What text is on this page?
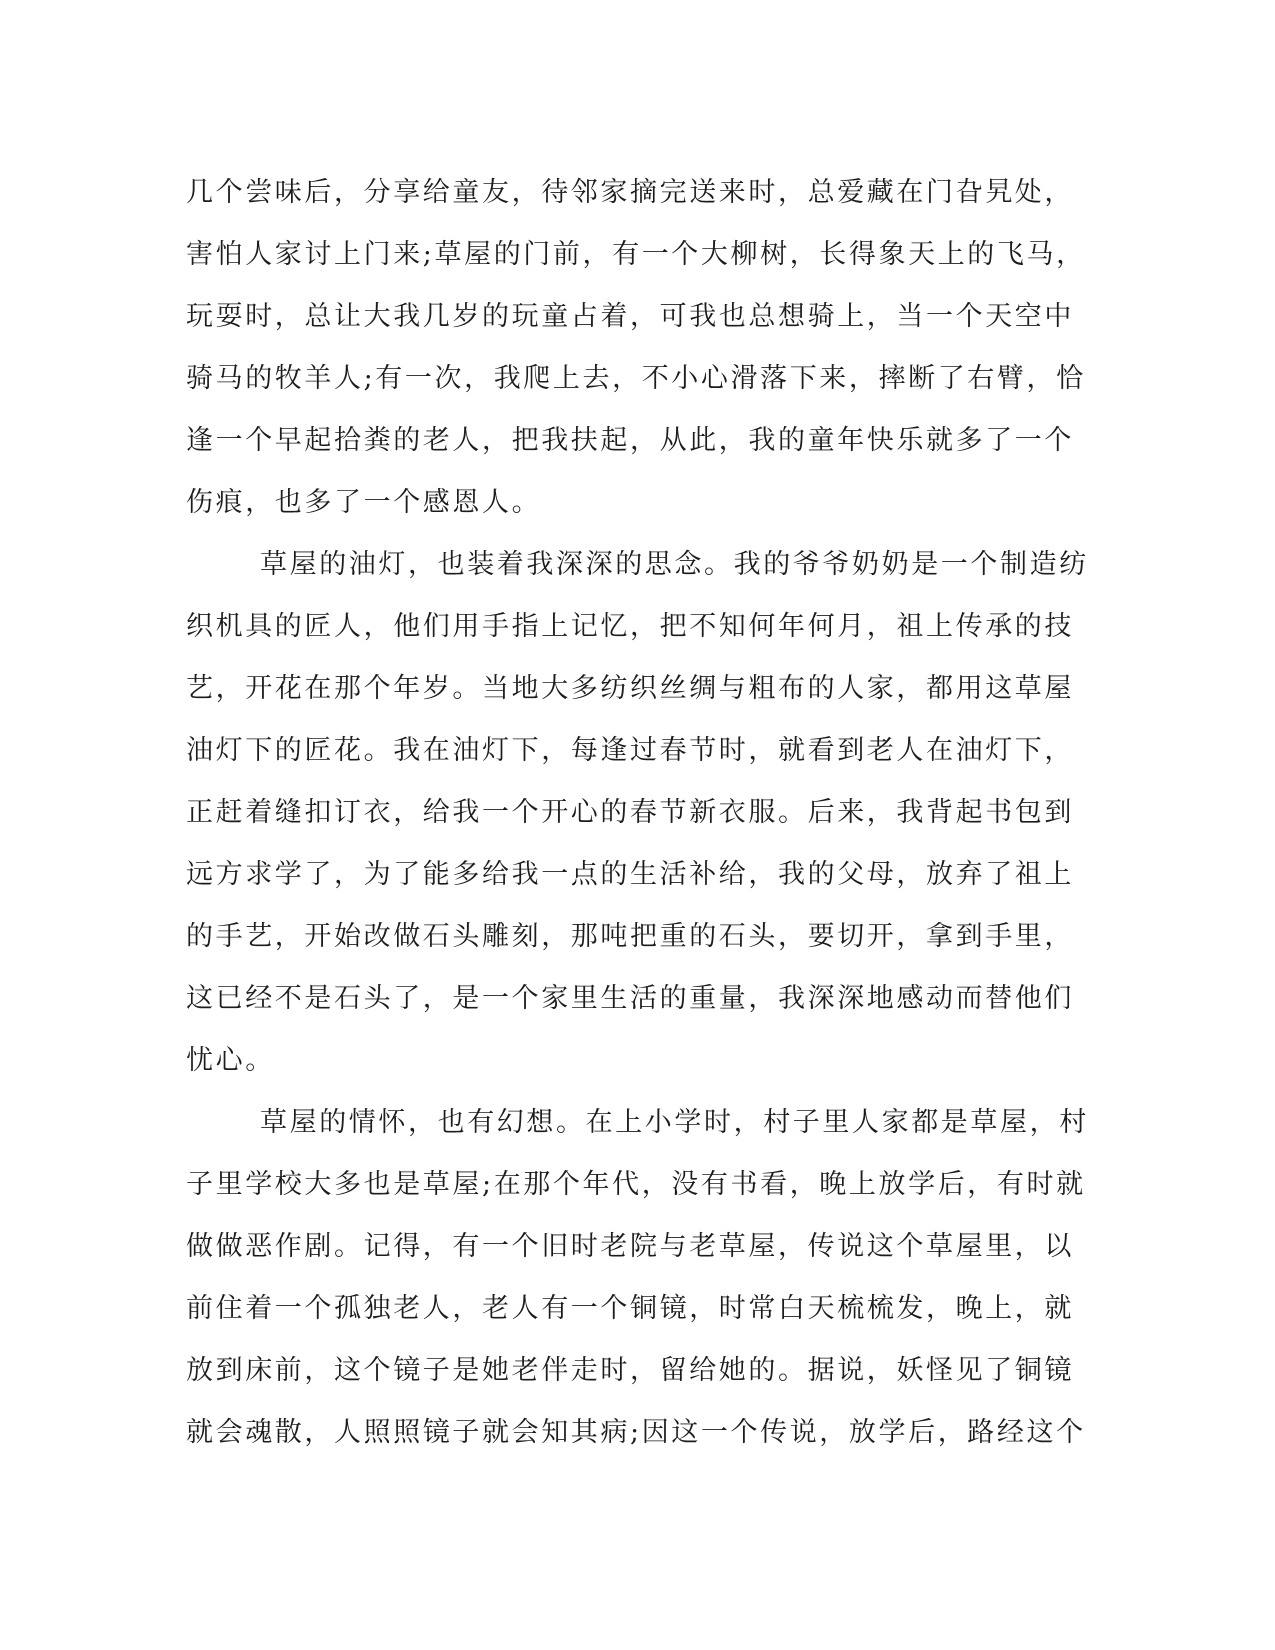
几个尝味后，分享给童友，待邻家摘完送来时，总爱藏在门旮旯处，
害怕人家讨上门来;草屋的门前，有一个大柳树，长得象天上的飞马，
玩耍时，总让大我几岁的玩童占着，可我也总想骑上，当一个天空中
骑马的牧羊人;有一次，我爬上去，不小心滑落下来，摔断了右臂，恰
逢一个早起拾粪的老人，把我扶起，从此，我的童年快乐就多了一个
伤痕，也多了一个感恩人。
草屋的油灯，也装着我深深的思念。我的爷爷奶奶是一个制造纺
织机具的匠人，他们用手指上记忆，把不知何年何月，祖上传承的技
艺，开花在那个年岁。当地大多纺织丝绸与粗布的人家，都用这草屋
油灯下的匠花。我在油灯下，每逢过春节时，就看到老人在油灯下，
正赶着缝扣订衣，给我一个开心的春节新衣服。后来，我背起书包到
远方求学了，为了能多给我一点的生活补给，我的父母，放弃了祖上
的手艺，开始改做石头雕刻，那吨把重的石头，要切开，拿到手里，
这已经不是石头了，是一个家里生活的重量，我深深地感动而替他们
忧心。
草屋的情怀，也有幻想。在上小学时，村子里人家都是草屋，村
子里学校大多也是草屋;在那个年代，没有书看，晚上放学后，有时就
做做恶作剧。记得，有一个旧时老院与老草屋，传说这个草屋里，以
前住着一个孤独老人，老人有一个铜镜，时常白天梳梳发，晚上，就
放到床前，这个镜子是她老伴走时，留给她的。据说，妖怪见了铜镜
就会魂散，人照照镜子就会知其病;因这一个传说，放学后，路经这个
